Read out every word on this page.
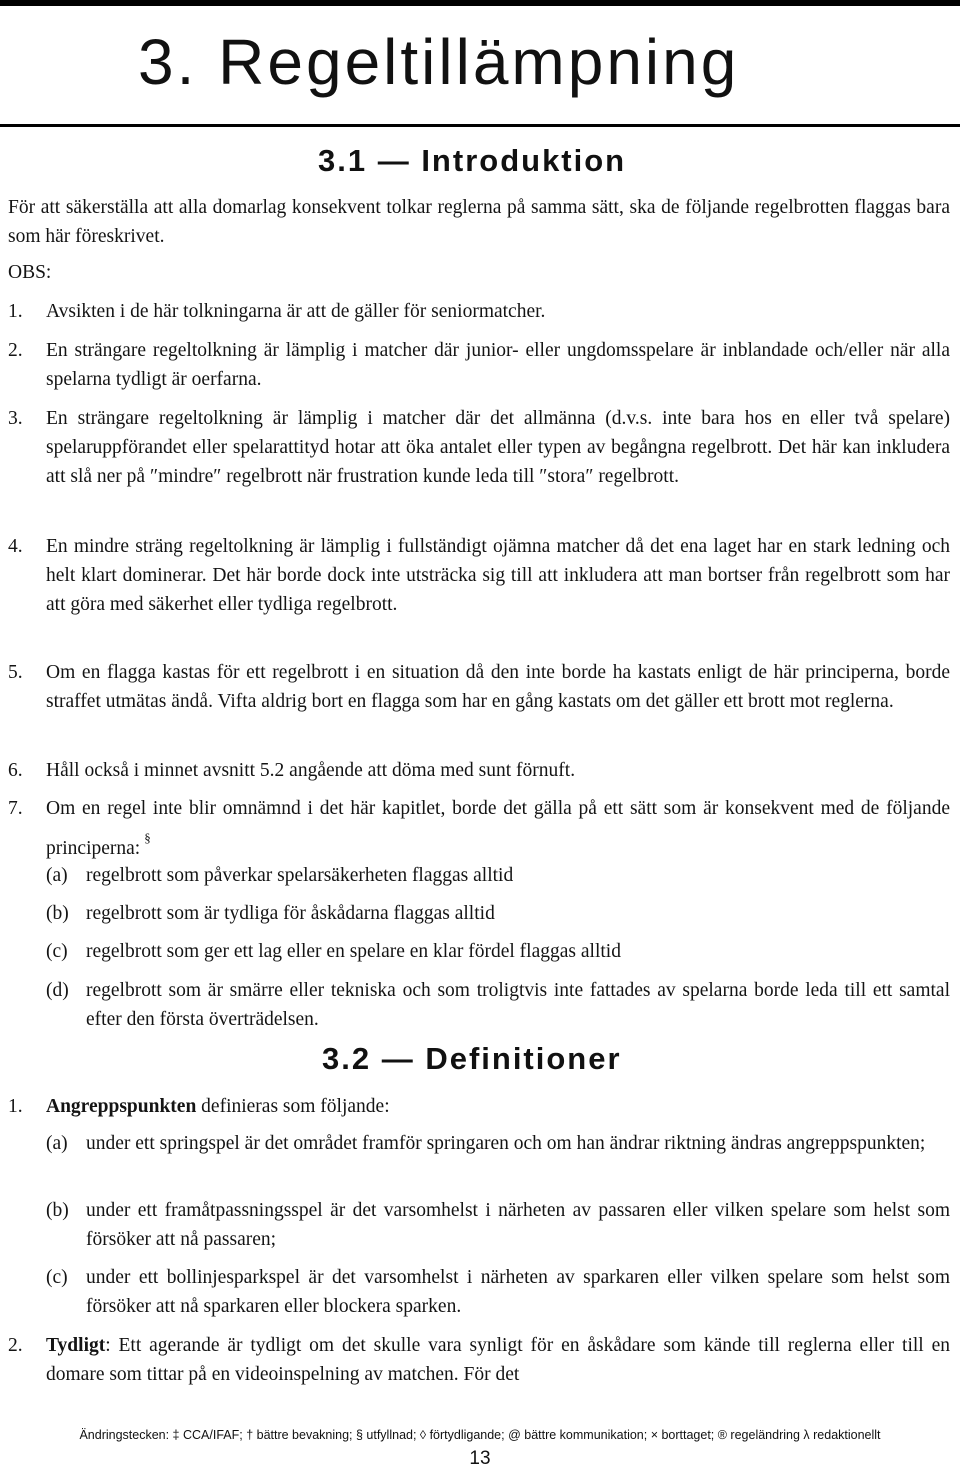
3. Regeltillämpning
3.1 — Introduktion

För att säkerställa att alla domarlag konsekvent tolkar reglerna på samma sätt, ska de följande regelbrotten flaggas bara som här föreskrivet.

OBS:

1. Avsikten i de här tolkningarna är att de gäller för seniormatcher.
2. En strängare regeltolkning är lämplig i matcher där junior- eller ungdomsspelare är inblandade och/eller när alla spelarna tydligt är oerfarna.
3. En strängare regeltolkning är lämplig i matcher där det allmänna (d.v.s. inte bara hos en eller två spelare) spelaruppförandet eller spelarattityd hotar att öka antalet eller typen av begångna regelbrott. Det här kan inkludera att slå ner på ″mindre″ regelbrott när frustration kunde leda till ″stora″ regelbrott.
4. En mindre sträng regeltolkning är lämplig i fullständigt ojämna matcher då det ena laget har en stark ledning och helt klart dominerar. Det här borde dock inte utsträcka sig till att inkludera att man bortser från regelbrott som har att göra med säkerhet eller tydliga regelbrott.
5. Om en flagga kastas för ett regelbrott i en situation då den inte borde ha kastats enligt de här principerna, borde straffet utmätas ändå. Vifta aldrig bort en flagga som har en gång kastats om det gäller ett brott mot reglerna.
6. Håll också i minnet avsnitt 5.2 angående att döma med sunt förnuft.
7. Om en regel inte blir omnämnd i det här kapitlet, borde det gälla på ett sätt som är konsekvent med de följande principerna:§
(a) regelbrott som påverkar spelarsäkerheten flaggas alltid
(b) regelbrott som är tydliga för åskådarna flaggas alltid
(c) regelbrott som ger ett lag eller en spelare en klar fördel flaggas alltid
(d) regelbrott som är smärre eller tekniska och som troligtvis inte fattades av spelarna borde leda till ett samtal efter den första överträdelsen.
3.2 — Definitioner
1. Angreppspunkten definieras som följande:
(a) under ett springspel är det området framför springaren och om han ändrar riktning ändras angreppspunkten;
(b) under ett framåtpassningsspel är det varsomhelst i närheten av passaren eller vilken spelare som helst som försöker att nå passaren;
(c) under ett bollinjesparkspel är det varsomhelst i närheten av sparkaren eller vilken spelare som helst som försöker att nå sparkaren eller blockera sparken.
2. Tydligt: Ett agerande är tydligt om det skulle vara synligt för en åskådare som kände till reglerna eller till en domare som tittar på en videoinspelning av matchen. För det
Ändringstecken: ‡ CCA/IFAF; † bättre bevakning; § utfyllnad; ◊ förtydligande; @ bättre kommunikation; × borttaget; ® regeländring λ redaktionellt
13
